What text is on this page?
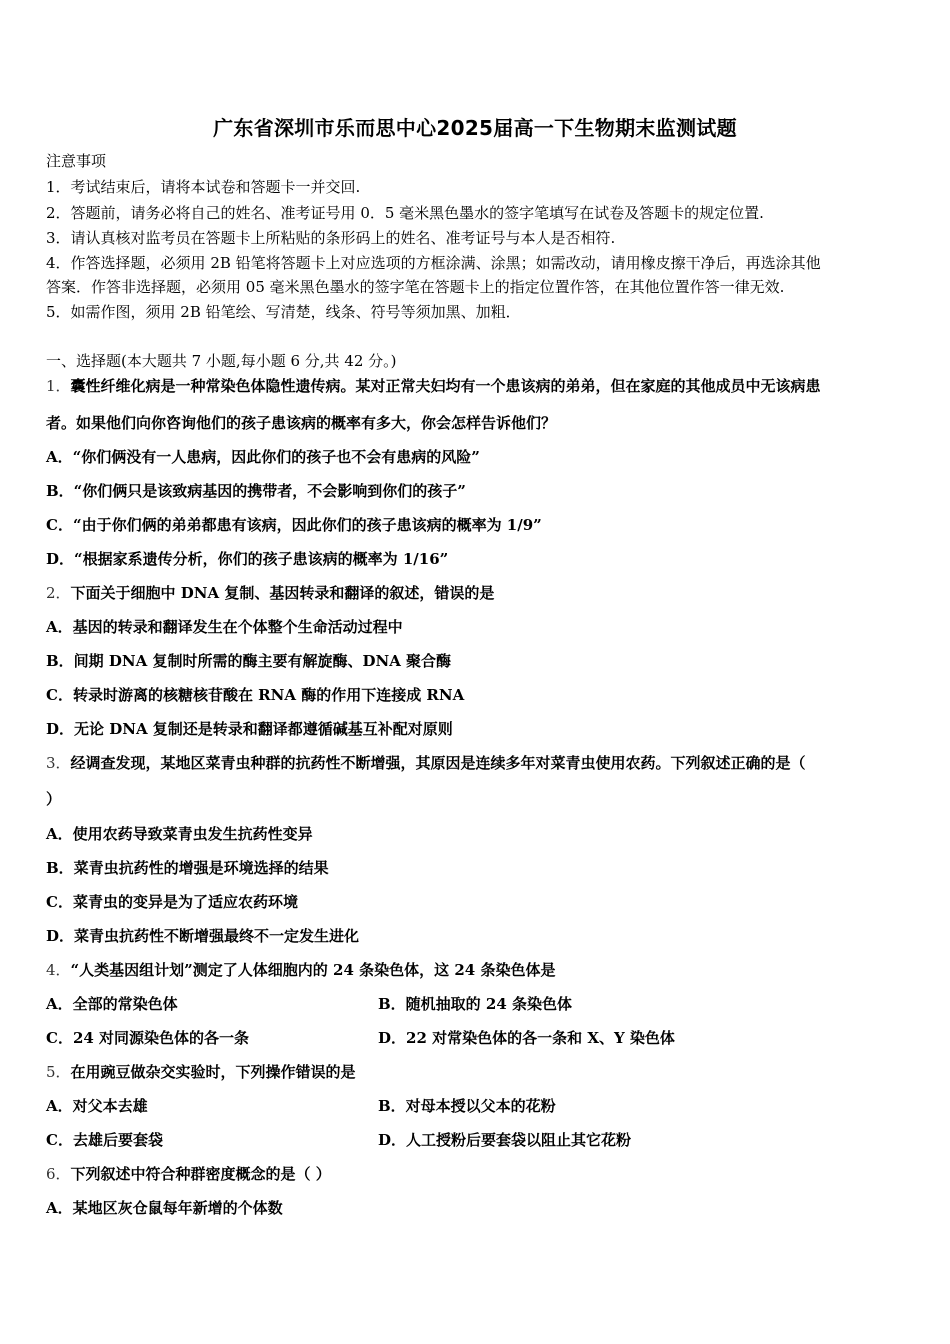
广东省深圳市乐而思中心2025届高一下生物期末监测试题
注意事项
1．考试结束后，请将本试卷和答题卡一并交回.
2．答题前，请务必将自己的姓名、准考证号用 0．5 毫米黑色墨水的签字笔填写在试卷及答题卡的规定位置.
3．请认真核对监考员在答题卡上所粘贴的条形码上的姓名、准考证号与本人是否相符.
4．作答选择题，必须用 2B 铅笔将答题卡上对应选项的方框涂满、涂黑；如需改动，请用橡皮擦干净后，再选涂其他
答案．作答非选择题，必须用 05 毫米黑色墨水的签字笔在答题卡上的指定位置作答，在其他位置作答一律无效.
5．如需作图，须用 2B 铅笔绘、写清楚，线条、符号等须加黑、加粗．
一、选择题(本大题共 7 小题,每小题 6 分,共 42 分。)
1．囊性纤维化病是一种常染色体隐性遗传病。某对正常夫妇均有一个患该病的弟弟，但在家庭的其他成员中无该病患
者。如果他们向你咨询他们的孩子患该病的概率有多大，你会怎样告诉他们？
A．“你们俩没有一人患病，因此你们的孩子也不会有患病的风险”
B．“你们俩只是该致病基因的携带者，不会影响到你们的孩子”
C．“由于你们俩的弟弟都患有该病，因此你们的孩子患该病的概率为 1/9”
D．“根据家系遗传分析，你们的孩子患该病的概率为 1/16”
2．下面关于细胞中 DNA 复制、基因转录和翻译的叙述，错误的是
A．基因的转录和翻译发生在个体整个生命活动过程中
B．间期 DNA 复制时所需的酶主要有解旋酶、DNA 聚合酶
C．转录时游离的核糖核苷酸在 RNA 酶的作用下连接成 RNA
D．无论 DNA 复制还是转录和翻译都遵循碱基互补配对原则
3．经调查发现，某地区菜青虫种群的抗药性不断增强，其原因是连续多年对菜青虫使用农药。下列叙述正确的是（
）
A．使用农药导致菜青虫发生抗药性变异
B．菜青虫抗药性的增强是环境选择的结果
C．菜青虫的变异是为了适应农药环境
D．菜青虫抗药性不断增强最终不一定发生进化
4．“人类基因组计划”测定了人体细胞内的 24 条染色体，这 24 条染色体是
A．全部的常染色体	B．随机抽取的 24 条染色体
C．24 对同源染色体的各一条	D．22 对常染色体的各一条和 X、Y 染色体
5．在用豌豆做杂交实验时，下列操作错误的是
A．对父本去雄	B．对母本授以父本的花粉
C．去雄后要套袋	D．人工授粉后要套袋以阻止其它花粉
6．下列叙述中符合种群密度概念的是（ ）
A．某地区灰仓鼠每年新增的个体数
